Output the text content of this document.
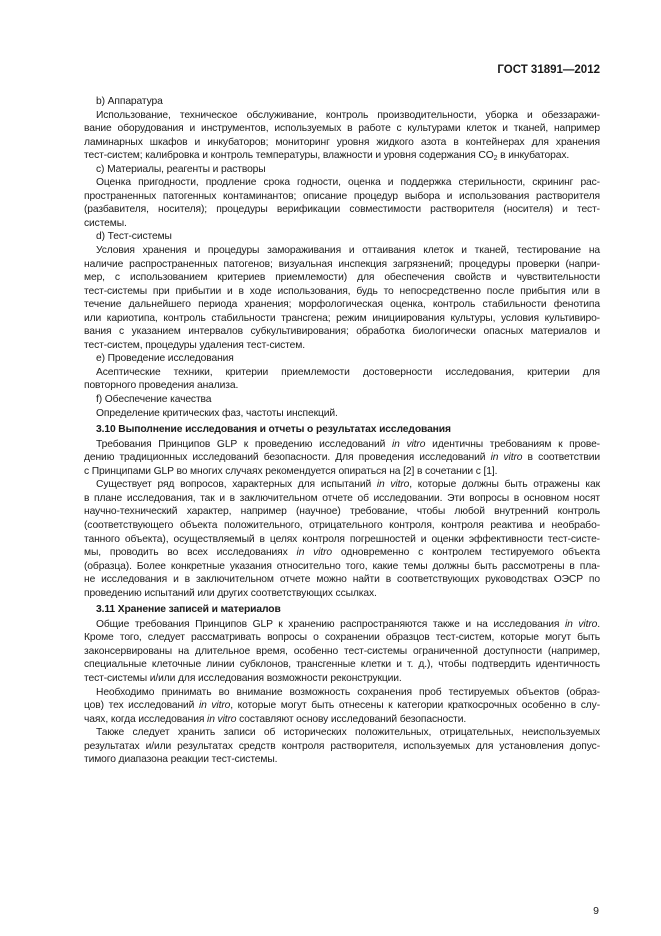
ГОСТ 31891—2012
b) Аппаратура
Использование, техническое обслуживание, контроль производительности, уборка и обеззаражи-
вание оборудования и инструментов, используемых в работе с культурами клеток и тканей, например
ламинарных шкафов и инкубаторов; мониторинг уровня жидкого азота в контейнерах для хранения
тест-систем; калибровка и контроль температуры, влажности и уровня содержания $CO_2$ в инкубаторах.
c) Материалы, реагенты и растворы
Оценка пригодности, продление срока годности, оценка и поддержка стерильности, скрининг рас-
пространенных патогенных контаминантов; описание процедур выбора и использования растворителя
(разбавителя, носителя); процедуры верификации совместимости растворителя (носителя) и тест-
системы.
d) Тест-системы
Условия хранения и процедуры замораживания и оттаивания клеток и тканей, тестирование на
наличие распространенных патогенов; визуальная инспекция загрязнений; процедуры проверки (напри-
мер, с использованием критериев приемлемости) для обеспечения свойств и чувствительности
тест-системы при прибытии и в ходе использования, будь то непосредственно после прибытия или в
течение дальнейшего периода хранения; морфологическая оценка, контроль стабильности фенотипа
или кариотипа, контроль стабильности трансгена; режим инициирования культуры, условия культивиро-
вания с указанием интервалов субкультивирования; обработка биологически опасных материалов и
тест-систем, процедуры удаления тест-систем.
e) Проведение исследования
Асептические техники, критерии приемлемости достоверности исследования, критерии для
повторного проведения анализа.
f) Обеспечение качества
Определение критических фаз, частоты инспекций.
3.10 Выполнение исследования и отчеты о результатах исследования
Требования Принципов GLP к проведению исследований in vitro идентичны требованиям к прове-
дению традиционных исследований безопасности. Для проведения исследований in vitro в соответствии
с Принципами GLP во многих случаях рекомендуется опираться на [2] в сочетании с [1].
Существует ряд вопросов, характерных для испытаний in vitro, которые должны быть отражены как
в плане исследования, так и в заключительном отчете об исследовании. Эти вопросы в основном носят
научно-технический характер, например (научное) требование, чтобы любой внутренний контроль
(соответствующего объекта положительного, отрицательного контроля, контроля реактива и необрабо-
танного объекта), осуществляемый в целях контроля погрешностей и оценки эффективности тест-систе-
мы, проводить во всех исследованиях in vitro одновременно с контролем тестируемого объекта
(образца). Более конкретные указания относительно того, какие темы должны быть рассмотрены в пла-
не исследования и в заключительном отчете можно найти в соответствующих руководствах ОЭСР по
проведению испытаний или других соответствующих ссылках.
3.11 Хранение записей и материалов
Общие требования Принципов GLP к хранению распространяются также и на исследования in vitro.
Кроме того, следует рассматривать вопросы о сохранении образцов тест-систем, которые могут быть
законсервированы на длительное время, особенно тест-системы ограниченной доступности (например,
специальные клеточные линии субклонов, трансгенные клетки и т. д.), чтобы подтвердить идентичность
тест-системы и/или для исследования возможности реконструкции.
Необходимо принимать во внимание возможность сохранения проб тестируемых объектов (образ-
цов) тех исследований in vitro, которые могут быть отнесены к категории краткосрочных особенно в слу-
чаях, когда исследования in vitro составляют основу исследований безопасности.
Также следует хранить записи об исторических положительных, отрицательных, неиспользуемых
результатах и/или результатах средств контроля растворителя, используемых для установления допус-
тимого диапазона реакции тест-системы.
9
